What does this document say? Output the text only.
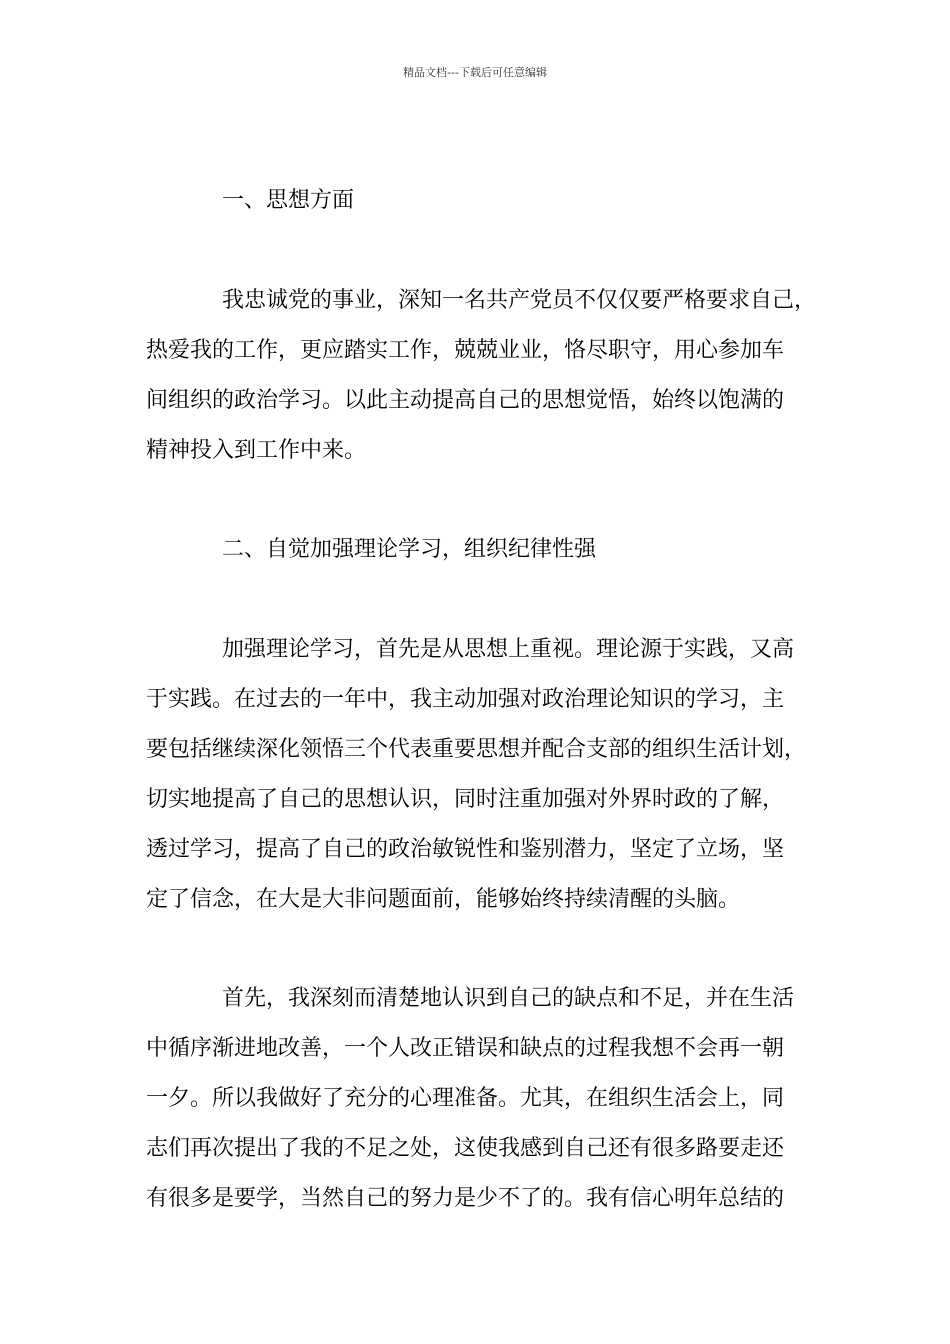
精品文档---下载后可任意编辑
一、思想方面
我忠诚党的事业，深知一名共产党员不仅仅要严格要求自己，
热爱我的工作，更应踏实工作，兢兢业业，恪尽职守，用心参加车
间组织的政治学习。以此主动提高自己的思想觉悟，始终以饱满的
精神投入到工作中来。
二、自觉加强理论学习，组织纪律性强
加强理论学习，首先是从思想上重视。理论源于实践，又高
于实践。在过去的一年中，我主动加强对政治理论知识的学习，主
要包括继续深化领悟三个代表重要思想并配合支部的组织生活计划，
切实地提高了自己的思想认识，同时注重加强对外界时政的了解，
透过学习，提高了自己的政治敏锐性和鉴别潜力，坚定了立场，坚
定了信念，在大是大非问题面前，能够始终持续清醒的头脑。
首先，我深刻而清楚地认识到自己的缺点和不足，并在生活
中循序渐进地改善，一个人改正错误和缺点的过程我想不会再一朝
一夕。所以我做好了充分的心理准备。尤其，在组织生活会上，同
志们再次提出了我的不足之处，这使我感到自己还有很多路要走还
有很多是要学，当然自己的努力是少不了的。我有信心明年总结的
